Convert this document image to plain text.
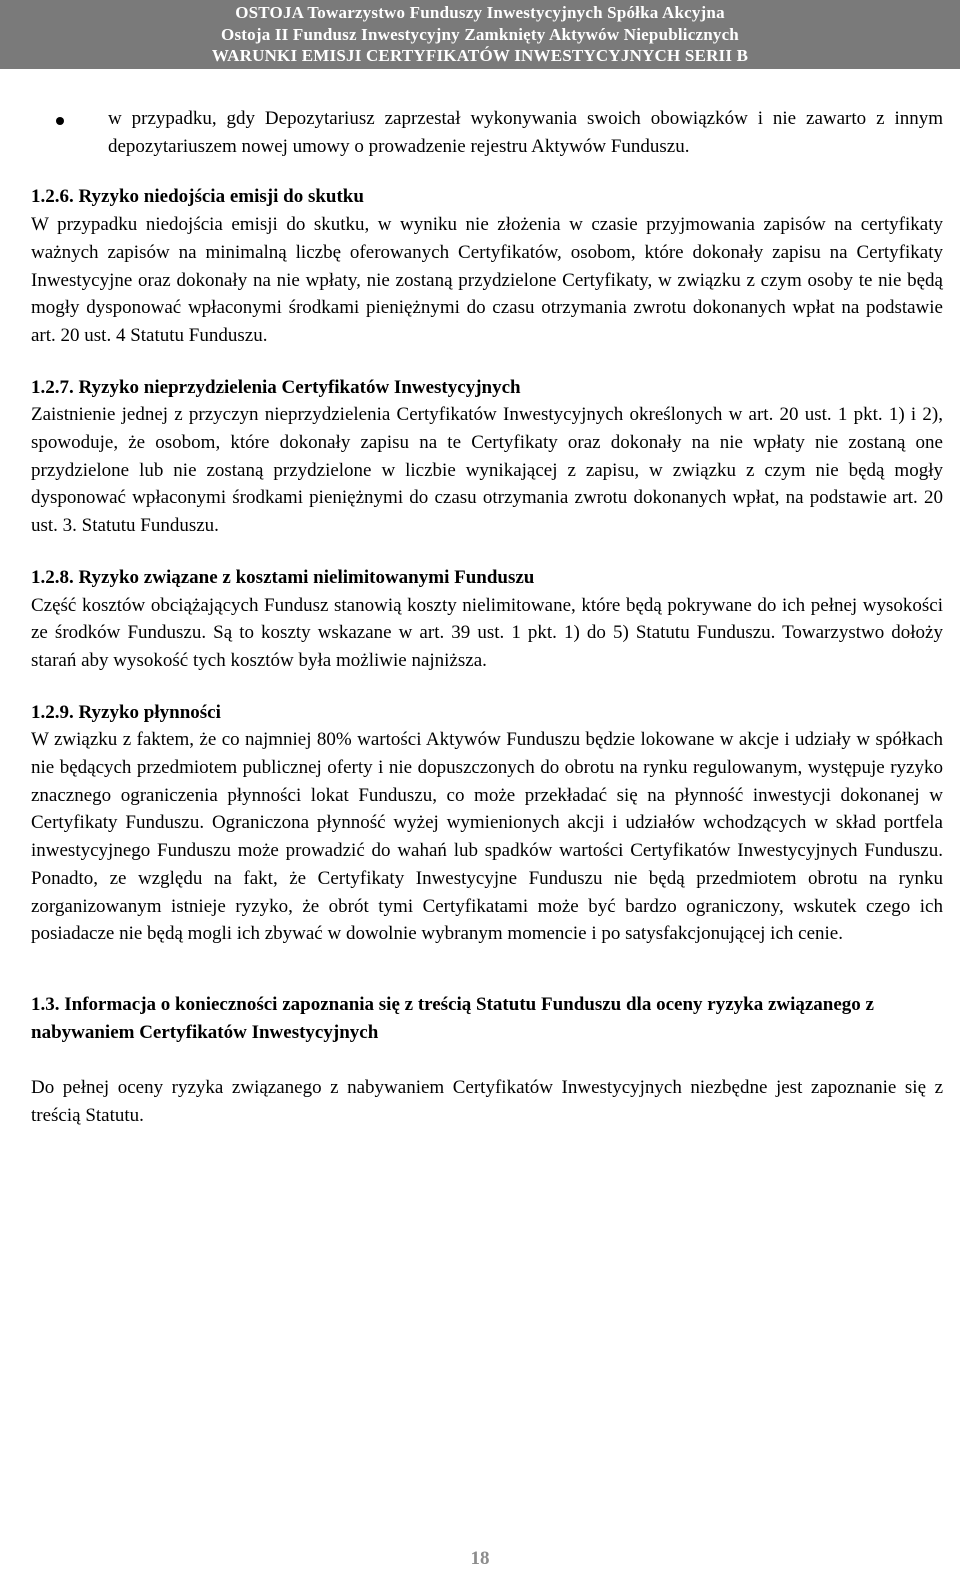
OSTOJA Towarzystwo Funduszy Inwestycyjnych Spółka Akcyjna
Ostoja II Fundusz Inwestycyjny Zamknięty Aktywów Niepublicznych
WARUNKI EMISJI CERTYFIKATÓW INWESTYCYJNYCH SERII B

w przypadku, gdy Depozytariusz zaprzestał wykonywania swoich obowiązków i nie zawarto z innym depozytariuszem nowej umowy o prowadzenie rejestru Aktywów Funduszu.

1.2.6. Ryzyko niedojścia emisji do skutku

W przypadku niedojścia emisji do skutku, w wyniku nie złożenia w czasie przyjmowania zapisów na certyfikaty ważnych zapisów na minimalną liczbę oferowanych Certyfikatów, osobom, które dokonały zapisu na Certyfikaty Inwestycyjne oraz dokonały na nie wpłaty, nie zostaną przydzielone Certyfikaty, w związku z czym osoby te nie będą mogły dysponować wpłaconymi środkami pieniężnymi do czasu otrzymania zwrotu dokonanych wpłat na podstawie art. 20 ust. 4 Statutu Funduszu.

1.2.7. Ryzyko nieprzydzielenia Certyfikatów Inwestycyjnych

Zaistnienie jednej z przyczyn nieprzydzielenia Certyfikatów Inwestycyjnych określonych w art. 20 ust. 1 pkt. 1) i 2), spowoduje, że osobom, które dokonały zapisu na te Certyfikaty oraz dokonały na nie wpłaty nie zostaną one przydzielone lub nie zostaną przydzielone w liczbie wynikającej z zapisu, w związku z czym nie będą mogły dysponować wpłaconymi środkami pieniężnymi do czasu otrzymania zwrotu dokonanych wpłat, na podstawie art. 20 ust. 3. Statutu Funduszu.

1.2.8. Ryzyko związane z kosztami nielimitowanymi Funduszu

Część kosztów obciążających Fundusz stanowią koszty nielimitowane, które będą pokrywane do ich pełnej wysokości ze środków Funduszu. Są to koszty wskazane w art. 39 ust. 1 pkt. 1) do 5) Statutu Funduszu. Towarzystwo dołoży starań aby wysokość tych kosztów była możliwie najniższa.

1.2.9. Ryzyko płynności

W związku z faktem, że co najmniej 80% wartości Aktywów Funduszu będzie lokowane w akcje i udziały w spółkach nie będących przedmiotem publicznej oferty i nie dopuszczonych do obrotu na rynku regulowanym, występuje ryzyko znacznego ograniczenia płynności lokat Funduszu, co może przekładać się na płynność inwestycji dokonanej w Certyfikaty Funduszu. Ograniczona płynność wyżej wymienionych akcji i udziałów wchodzących w skład portfela inwestycyjnego Funduszu może prowadzić do wahań lub spadków wartości Certyfikatów Inwestycyjnych Funduszu. Ponadto, ze względu na fakt, że Certyfikaty Inwestycyjne Funduszu nie będą przedmiotem obrotu na rynku zorganizowanym istnieje ryzyko, że obrót tymi Certyfikatami może być bardzo ograniczony, wskutek czego ich posiadacze nie będą mogli ich zbywać w dowolnie wybranym momencie i po satysfakcjonującej ich cenie.

1.3. Informacja o konieczności zapoznania się z treścią Statutu Funduszu dla oceny ryzyka związanego z nabywaniem Certyfikatów Inwestycyjnych

Do pełnej oceny ryzyka związanego z nabywaniem Certyfikatów Inwestycyjnych niezbędne jest zapoznanie się z treścią Statutu.

18
